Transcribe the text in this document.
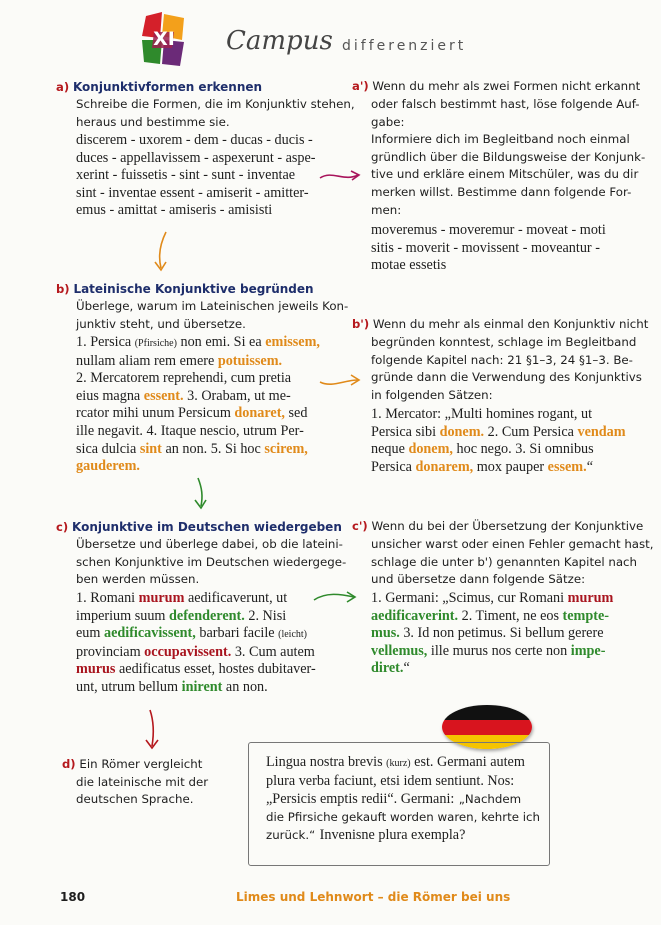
XI	Campus differenziert
a) Konjunktivformen erkennen

Schreibe die Formen, die im Konjunktiv stehen,

heraus und bestimme sie.

discerem - uxorem - dem - ducas - ducis -

duces - appellavissem - aspexerunt - aspe-

xerint - fuissetis - sint - sunt - inventae

sint - inventae essent - amiserit - amitter-

emus - amittat - amiseris - amisisti

a') Wenn du mehr als zwei Formen nicht erkannt

oder falsch bestimmt hast, löse folgende Auf-

gabe:

Informiere dich im Begleitband noch einmal

gründlich über die Bildungsweise der Konjunk-

tive und erkläre einem Mitschüler, was du dir

merken willst. Bestimme dann folgende For-

men:

moveremus - moveremur - moveat - moti

sitis - moverit - movissent - moveantur -

motae essetis

b) Lateinische Konjunktive begründen

Überlege, warum im Lateinischen jeweils Kon-

junktiv steht, und übersetze.

1. Persica (Pfirsiche) non emi. Si ea emissem,

nullam aliam rem emere potuissem.

2. Mercatorem reprehendi, cum pretia

eius magna essent. 3. Orabam, ut me-

rcator mihi unum Persicum donaret, sed

ille negavit. 4. Itaque nescio, utrum Per-

sica dulcia sint an non. 5. Si hoc scirem,

gauderem.

b') Wenn du mehr als einmal den Konjunktiv nicht

begründen konntest, schlage im Begleitband

folgende Kapitel nach: 21 §1–3, 24 §1–3. Be-

gründe dann die Verwendung des Konjunktivs

in folgenden Sätzen:

1. Mercator: „Multi homines rogant, ut

Persica sibi donem. 2. Cum Persica vendam

neque donem, hoc nego. 3. Si omnibus

Persica donarem, mox pauper essem.“

c) Konjunktive im Deutschen wiedergeben

Übersetze und überlege dabei, ob die lateini-

schen Konjunktive im Deutschen wiedergege-

ben werden müssen.

1. Romani murum aedificaverunt, ut

imperium suum defenderent. 2. Nisi

eum aedificavissent, barbari facile (leicht)

provinciam occupavissent. 3. Cum autem

murus aedificatus esset, hostes dubitaver-

unt, utrum bellum inirent an non.

c') Wenn du bei der Übersetzung der Konjunktive

unsicher warst oder einen Fehler gemacht hast,

schlage die unter b') genannten Kapitel nach

und übersetze dann folgende Sätze:

1. Germani: „Scimus, cur Romani murum

aedificaverint. 2. Timent, ne eos tempte-

mus. 3. Id non petimus. Si bellum gerere

vellemus, ille murus nos certe non impe-

diret.“

d) Ein Römer vergleicht

die lateinische mit der

deutschen Sprache.

Lingua nostra brevis (kurz) est. Germani autem

plura verba faciunt, etsi idem sentiunt. Nos:

„Persicis emptis redii“. Germani: „Nachdem

die Pfirsiche gekauft worden waren, kehrte ich

zurück.“ Invenisne plura exempla?

180	Limes und Lehnwort – die Römer bei uns
